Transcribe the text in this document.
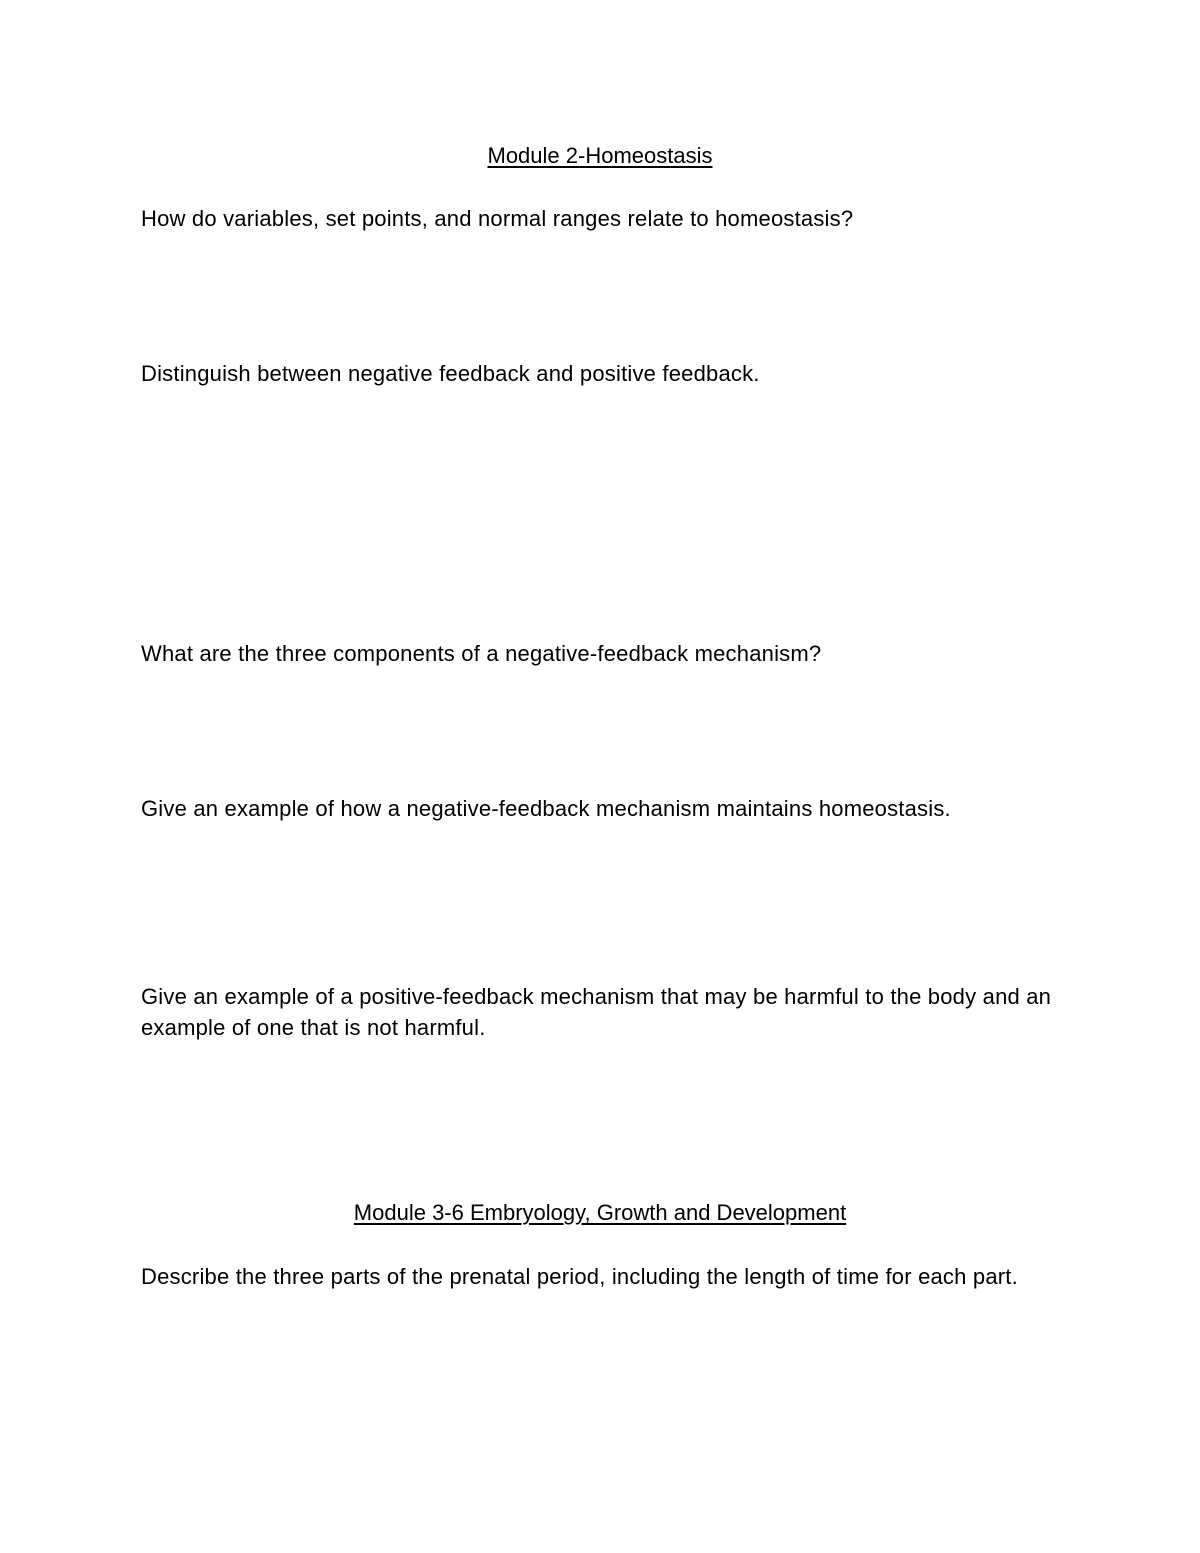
Module 2-Homeostasis
How do variables, set points, and normal ranges relate to homeostasis?
Distinguish between negative feedback and positive feedback.
What are the three components of a negative-feedback mechanism?
Give an example of how a negative-feedback mechanism maintains homeostasis.
Give an example of a positive-feedback mechanism that may be harmful to the body and an example of one that is not harmful.
Module 3-6 Embryology, Growth and Development
Describe the three parts of the prenatal period, including the length of time for each part.
